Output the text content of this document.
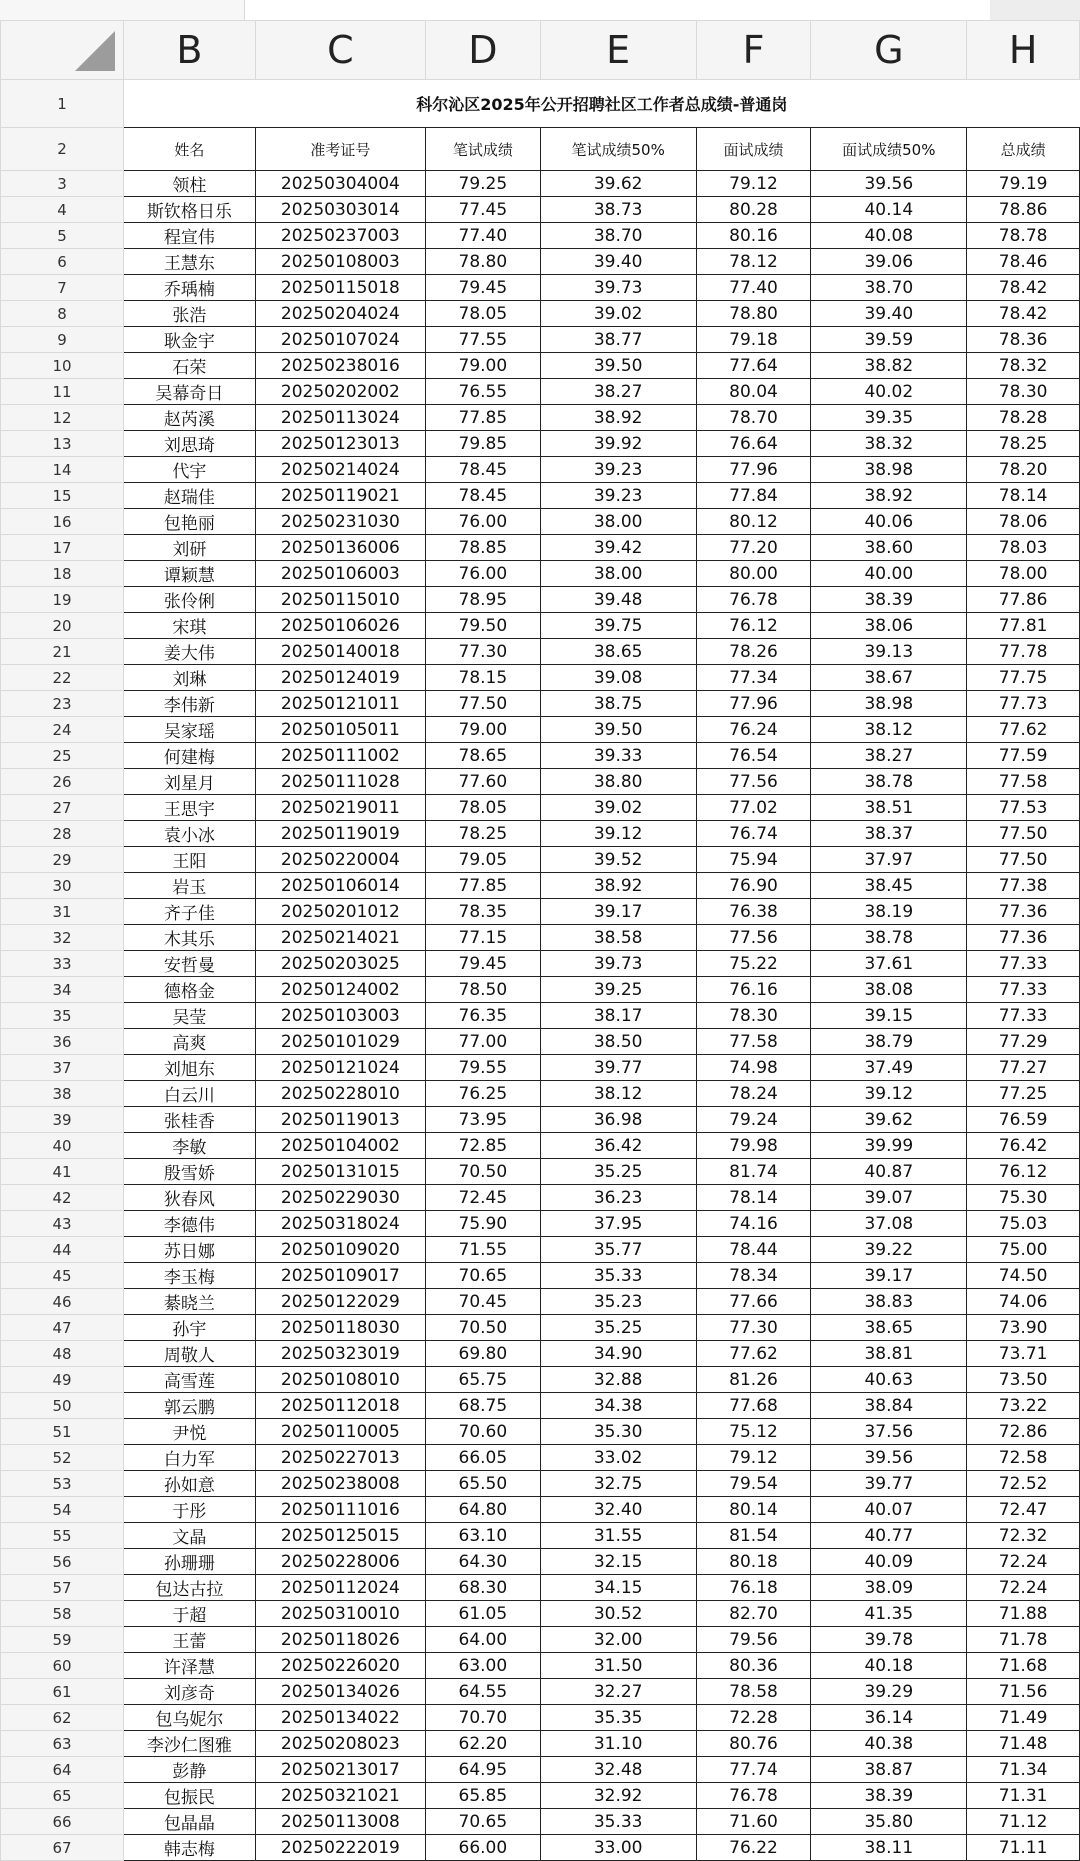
	B	C	D	E	F	G	H
1	科尔沁区2025年公开招聘社区工作者总成绩-普通岗						
2	姓名	准考证号	笔试成绩	笔试成绩50%	面试成绩	面试成绩50%	总成绩
3	领柱	20250304004	79.25	39.62	79.12	39.56	79.19
4	斯钦格日乐	20250303014	77.45	38.73	80.28	40.14	78.86
5	程宣伟	20250237003	77.40	38.70	80.16	40.08	78.78
6	王慧东	20250108003	78.80	39.40	78.12	39.06	78.46
7	乔瑀楠	20250115018	79.45	39.73	77.40	38.70	78.42
8	张浩	20250204024	78.05	39.02	78.80	39.40	78.42
9	耿金宇	20250107024	77.55	38.77	79.18	39.59	78.36
10	石荣	20250238016	79.00	39.50	77.64	38.82	78.32
11	吴幕奇日	20250202002	76.55	38.27	80.04	40.02	78.30
12	赵芮溪	20250113024	77.85	38.92	78.70	39.35	78.28
13	刘思琦	20250123013	79.85	39.92	76.64	38.32	78.25
14	代宇	20250214024	78.45	39.23	77.96	38.98	78.20
15	赵瑞佳	20250119021	78.45	39.23	77.84	38.92	78.14
16	包艳丽	20250231030	76.00	38.00	80.12	40.06	78.06
17	刘研	20250136006	78.85	39.42	77.20	38.60	78.03
18	谭颖慧	20250106003	76.00	38.00	80.00	40.00	78.00
19	张伶俐	20250115010	78.95	39.48	76.78	38.39	77.86
20	宋琪	20250106026	79.50	39.75	76.12	38.06	77.81
21	姜大伟	20250140018	77.30	38.65	78.26	39.13	77.78
22	刘琳	20250124019	78.15	39.08	77.34	38.67	77.75
23	李伟新	20250121011	77.50	38.75	77.96	38.98	77.73
24	吴家瑶	20250105011	79.00	39.50	76.24	38.12	77.62
25	何建梅	20250111002	78.65	39.33	76.54	38.27	77.59
26	刘星月	20250111028	77.60	38.80	77.56	38.78	77.58
27	王思宇	20250219011	78.05	39.02	77.02	38.51	77.53
28	袁小冰	20250119019	78.25	39.12	76.74	38.37	77.50
29	王阳	20250220004	79.05	39.52	75.94	37.97	77.50
30	岩玉	20250106014	77.85	38.92	76.90	38.45	77.38
31	齐子佳	20250201012	78.35	39.17	76.38	38.19	77.36
32	木其乐	20250214021	77.15	38.58	77.56	38.78	77.36
33	安哲曼	20250203025	79.45	39.73	75.22	37.61	77.33
34	德格金	20250124002	78.50	39.25	76.16	38.08	77.33
35	吴莹	20250103003	76.35	38.17	78.30	39.15	77.33
36	高爽	20250101029	77.00	38.50	77.58	38.79	77.29
37	刘旭东	20250121024	79.55	39.77	74.98	37.49	77.27
38	白云川	20250228010	76.25	38.12	78.24	39.12	77.25
39	张桂香	20250119013	73.95	36.98	79.24	39.62	76.59
40	李敏	20250104002	72.85	36.42	79.98	39.99	76.42
41	殷雪娇	20250131015	70.50	35.25	81.74	40.87	76.12
42	狄春风	20250229030	72.45	36.23	78.14	39.07	75.30
43	李德伟	20250318024	75.90	37.95	74.16	37.08	75.03
44	苏日娜	20250109020	71.55	35.77	78.44	39.22	75.00
45	李玉梅	20250109017	70.65	35.33	78.34	39.17	74.50
46	綦晓兰	20250122029	70.45	35.23	77.66	38.83	74.06
47	孙宇	20250118030	70.50	35.25	77.30	38.65	73.90
48	周敬人	20250323019	69.80	34.90	77.62	38.81	73.71
49	高雪莲	20250108010	65.75	32.88	81.26	40.63	73.50
50	郭云鹏	20250112018	68.75	34.38	77.68	38.84	73.22
51	尹悦	20250110005	70.60	35.30	75.12	37.56	72.86
52	白力军	20250227013	66.05	33.02	79.12	39.56	72.58
53	孙如意	20250238008	65.50	32.75	79.54	39.77	72.52
54	于彤	20250111016	64.80	32.40	80.14	40.07	72.47
55	文晶	20250125015	63.10	31.55	81.54	40.77	72.32
56	孙珊珊	20250228006	64.30	32.15	80.18	40.09	72.24
57	包达古拉	20250112024	68.30	34.15	76.18	38.09	72.24
58	于超	20250310010	61.05	30.52	82.70	41.35	71.88
59	王蕾	20250118026	64.00	32.00	79.56	39.78	71.78
60	许泽慧	20250226020	63.00	31.50	80.36	40.18	71.68
61	刘彦奇	20250134026	64.55	32.27	78.58	39.29	71.56
62	包乌妮尔	20250134022	70.70	35.35	72.28	36.14	71.49
63	李沙仁图雅	20250208023	62.20	31.10	80.76	40.38	71.48
64	彭静	20250213017	64.95	32.48	77.74	38.87	71.34
65	包振民	20250321021	65.85	32.92	76.78	38.39	71.31
66	包晶晶	20250113008	70.65	35.33	71.60	35.80	71.12
67	韩志梅	20250222019	66.00	33.00	76.22	38.11	71.11
